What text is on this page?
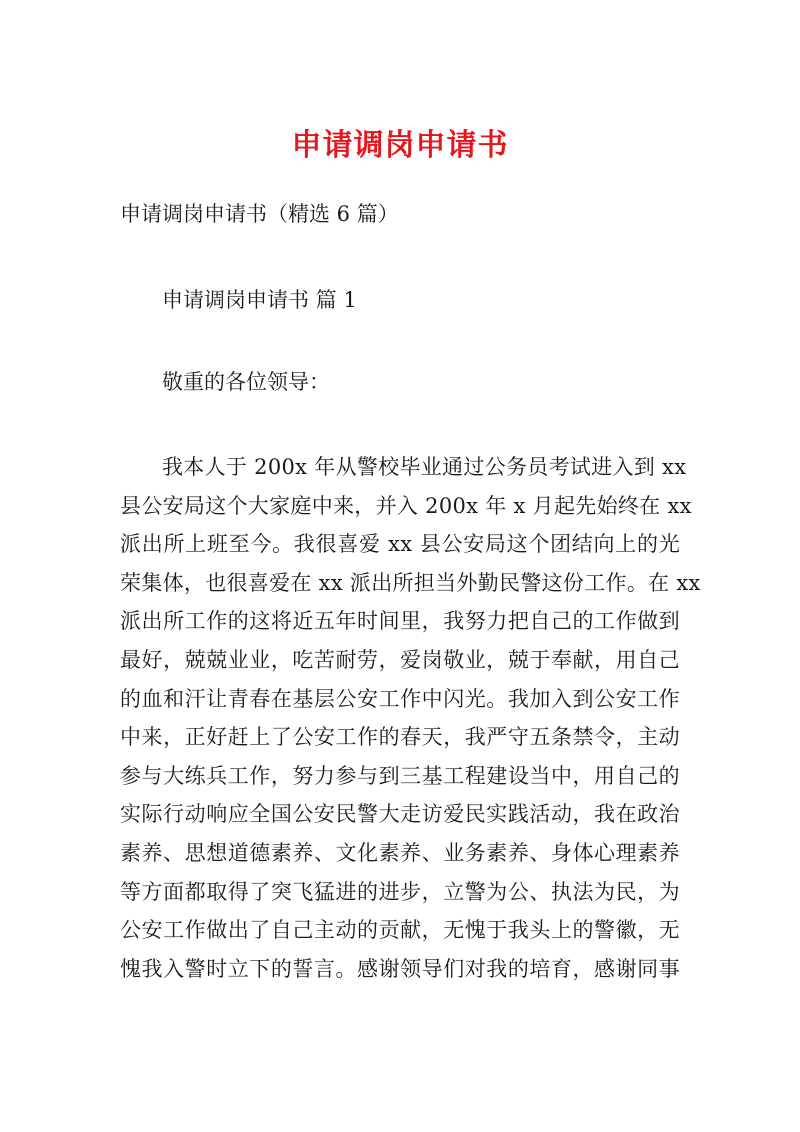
申请调岗申请书
申请调岗申请书（精选 6 篇）
申请调岗申请书 篇 1
敬重的各位领导：
我本人于 200x 年从警校毕业通过公务员考试进入到 xx
县公安局这个大家庭中来，并入 200x 年 x 月起先始终在 xx
派出所上班至今。我很喜爱 xx 县公安局这个团结向上的光
荣集体，也很喜爱在 xx 派出所担当外勤民警这份工作。在 xx
派出所工作的这将近五年时间里，我努力把自己的工作做到
最好，兢兢业业，吃苦耐劳，爱岗敬业，兢于奉献，用自己
的血和汗让青春在基层公安工作中闪光。我加入到公安工作
中来，正好赶上了公安工作的春天，我严守五条禁令，主动
参与大练兵工作，努力参与到三基工程建设当中，用自己的
实际行动响应全国公安民警大走访爱民实践活动，我在政治
素养、思想道德素养、文化素养、业务素养、身体心理素养
等方面都取得了突飞猛进的进步，立警为公、执法为民，为
公安工作做出了自己主动的贡献，无愧于我头上的警徽，无
愧我入警时立下的誓言。感谢领导们对我的培育，感谢同事
